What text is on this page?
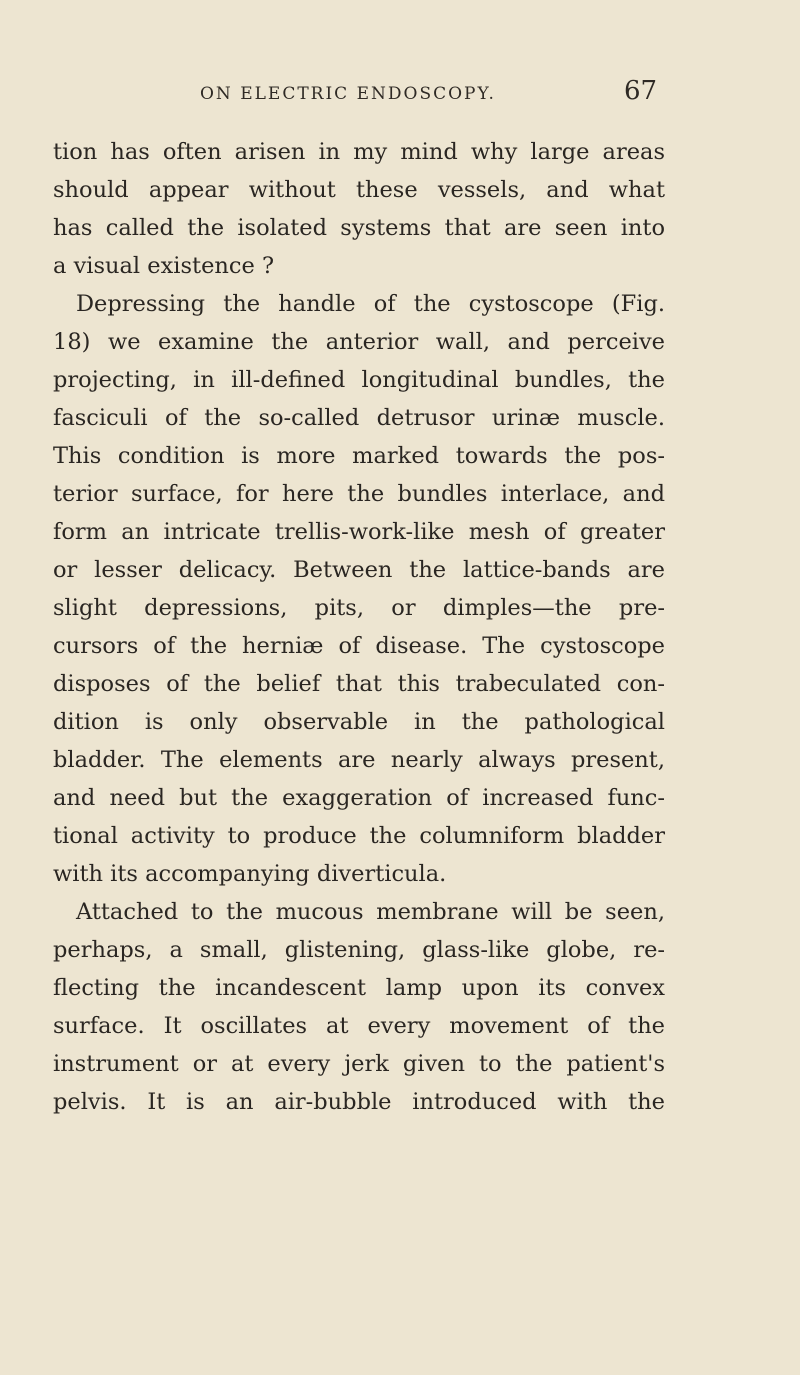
ON ELECTRIC ENDOSCOPY.	67
tion has often arisen in my mind why large areas
should appear without these vessels, and what
has called the isolated systems that are seen into
a visual existence ?
Depressing the handle of the cystoscope (Fig.
18) we examine the anterior wall, and perceive
projecting, in ill-defined longitudinal bundles, the
fasciculi of the so-called detrusor urinæ muscle.
This condition is more marked towards the pos-
terior surface, for here the bundles interlace, and
form an intricate trellis-work-like mesh of greater
or lesser delicacy. Between the lattice-bands are
slight depressions, pits, or dimples—the pre-
cursors of the herniæ of disease. The cystoscope
disposes of the belief that this trabeculated con-
dition is only observable in the pathological
bladder. The elements are nearly always present,
and need but the exaggeration of increased func-
tional activity to produce the columniform bladder
with its accompanying diverticula.
Attached to the mucous membrane will be seen,
perhaps, a small, glistening, glass-like globe, re-
flecting the incandescent lamp upon its convex
surface. It oscillates at every movement of the
instrument or at every jerk given to the patient's
pelvis. It is an air-bubble introduced with the
